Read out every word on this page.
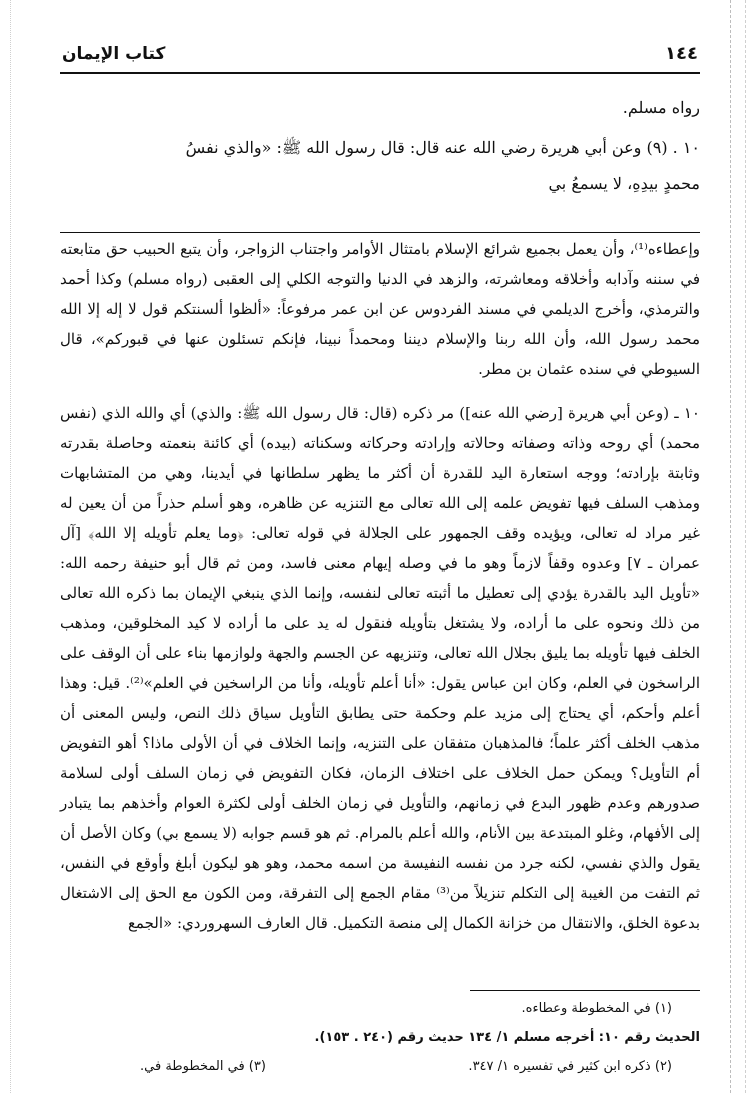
كتاب الإيمان	١٤٤

رواه مسلم.

١٠ . (٩) وعن أبي هريرة رضي الله عنه قال: قال رسول الله ﷺ: «والذي نفسُ

محمدٍ بيدِهِ، لا يسمعُ بي

وإعطاءه⁽¹⁾، وأن يعمل بجميع شرائع الإسلام بامتثال الأوامر واجتناب الزواجر، وأن يتبع الحبيب حق متابعته في سننه وآدابه وأخلاقه ومعاشرته، والزهد في الدنيا والتوجه الكلي إلى العقبى (رواه مسلم) وكذا أحمد والترمذي، وأخرج الديلمي في مسند الفردوس عن ابن عمر مرفوعاً: «ألظوا ألسنتكم قول لا إله إلا الله محمد رسول الله، وأن الله ربنا والإسلام ديننا ومحمداً نبينا، فإنكم تسئلون عنها في قبوركم»، قال السيوطي في سنده عثمان بن مطر.

١٠ ـ (وعن أبي هريرة [رضي الله عنه]) مر ذكره (قال: قال رسول الله ﷺ: والذي) أي والله الذي (نفس محمد) أي روحه وذاته وصفاته وحالاته وإرادته وحركاته وسكناته (بيده) أي كائنة بنعمته وحاصلة بقدرته وثابتة بإرادته؛ ووجه استعارة اليد للقدرة أن أكثر ما يظهر سلطانها في أيدينا، وهي من المتشابهات ومذهب السلف فيها تفويض علمه إلى الله تعالى مع التنزيه عن ظاهره، وهو أسلم حذراً من أن يعين له غير مراد له تعالى، ويؤيده وقف الجمهور على الجلالة في قوله تعالى: ﴿وما يعلم تأويله إلا الله﴾ [آل عمران ـ ٧] وعدوه وقفاً لازماً وهو ما في وصله إيهام معنى فاسد، ومن ثم قال أبو حنيفة رحمه الله: «تأويل اليد بالقدرة يؤدي إلى تعطيل ما أثبته تعالى لنفسه، وإنما الذي ينبغي الإيمان بما ذكره الله تعالى من ذلك ونحوه على ما أراده، ولا يشتغل بتأويله فنقول له يد على ما أراده لا كيد المخلوقين، ومذهب الخلف فيها تأويله بما يليق بجلال الله تعالى، وتنزيهه عن الجسم والجهة ولوازمها بناء على أن الوقف على الراسخون في العلم، وكان ابن عباس يقول: «أنا أعلم تأويله، وأنا من الراسخين في العلم»⁽²⁾. قيل: وهذا أعلم وأحكم، أي يحتاج إلى مزيد علم وحكمة حتى يطابق التأويل سياق ذلك النص، وليس المعنى أن مذهب الخلف أكثر علماً؛ فالمذهبان متفقان على التنزيه، وإنما الخلاف في أن الأولى ماذا؟ أهو التفويض أم التأويل؟ ويمكن حمل الخلاف على اختلاف الزمان، فكان التفويض في زمان السلف أولى لسلامة صدورهم وعدم ظهور البدع في زمانهم، والتأويل في زمان الخلف أولى لكثرة العوام وأخذهم بما يتبادر إلى الأفهام، وغلو المبتدعة بين الأنام، والله أعلم بالمرام. ثم هو قسم جوابه (لا يسمع بي) وكان الأصل أن يقول والذي نفسي، لكنه جرد من نفسه النفيسة من اسمه محمد، وهو هو ليكون أبلغ وأوقع في النفس، ثم التفت من الغيبة إلى التكلم تنزيلاً من⁽³⁾ مقام الجمع إلى التفرقة، ومن الكون مع الحق إلى الاشتغال بدعوة الخلق، والانتقال من خزانة الكمال إلى منصة التكميل. قال العارف السهروردي: «الجمع

(١) في المخطوطة وعطاءه.

الحديث رقم ١٠: أخرجه مسلم ١/ ١٣٤ حديث رقم (٢٤٠ . ١٥٣).

(٢) ذكره ابن كثير في تفسيره ١/ ٣٤٧.
(٣) في المخطوطة في.
